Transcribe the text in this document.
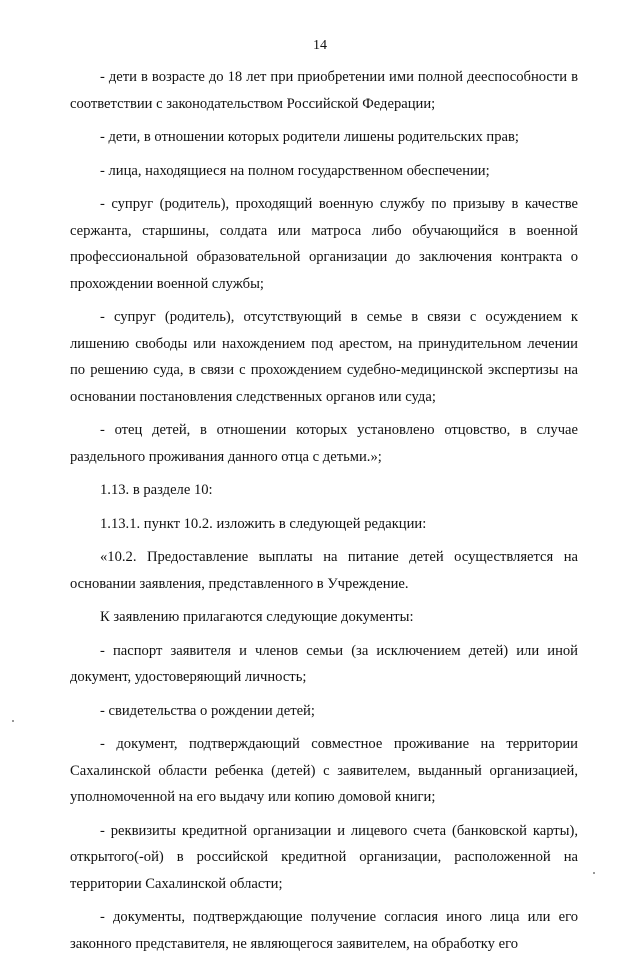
14

- дети в возрасте до 18 лет при приобретении ими полной дееспособности в соответствии с законодательством Российской Федерации;

- дети, в отношении которых родители лишены родительских прав;

- лица, находящиеся на полном государственном обеспечении;

- супруг (родитель), проходящий военную службу по призыву в качестве сержанта, старшины, солдата или матроса либо обучающийся в военной профессиональной образовательной организации до заключения контракта о прохождении военной службы;

- супруг (родитель), отсутствующий в семье в связи с осуждением к лишению свободы или нахождением под арестом, на принудительном лечении по решению суда, в связи с прохождением судебно-медицинской экспертизы на основании постановления следственных органов или суда;

- отец детей, в отношении которых установлено отцовство, в случае раздельного проживания данного отца с детьми.»;

1.13. в разделе 10:

1.13.1. пункт 10.2. изложить в следующей редакции:

«10.2. Предоставление выплаты на питание детей осуществляется на основании заявления, представленного в Учреждение.

К заявлению прилагаются следующие документы:

- паспорт заявителя и членов семьи (за исключением детей) или иной документ, удостоверяющий личность;

- свидетельства о рождении детей;

- документ, подтверждающий совместное проживание на территории Сахалинской области ребенка (детей) с заявителем, выданный организацией, уполномоченной на его выдачу или копию домовой книги;

- реквизиты кредитной организации и лицевого счета (банковской карты), открытого(-ой) в российской кредитной организации, расположенной на территории Сахалинской области;

- документы, подтверждающие получение согласия иного лица или его законного представителя, не являющегося заявителем, на обработку его
